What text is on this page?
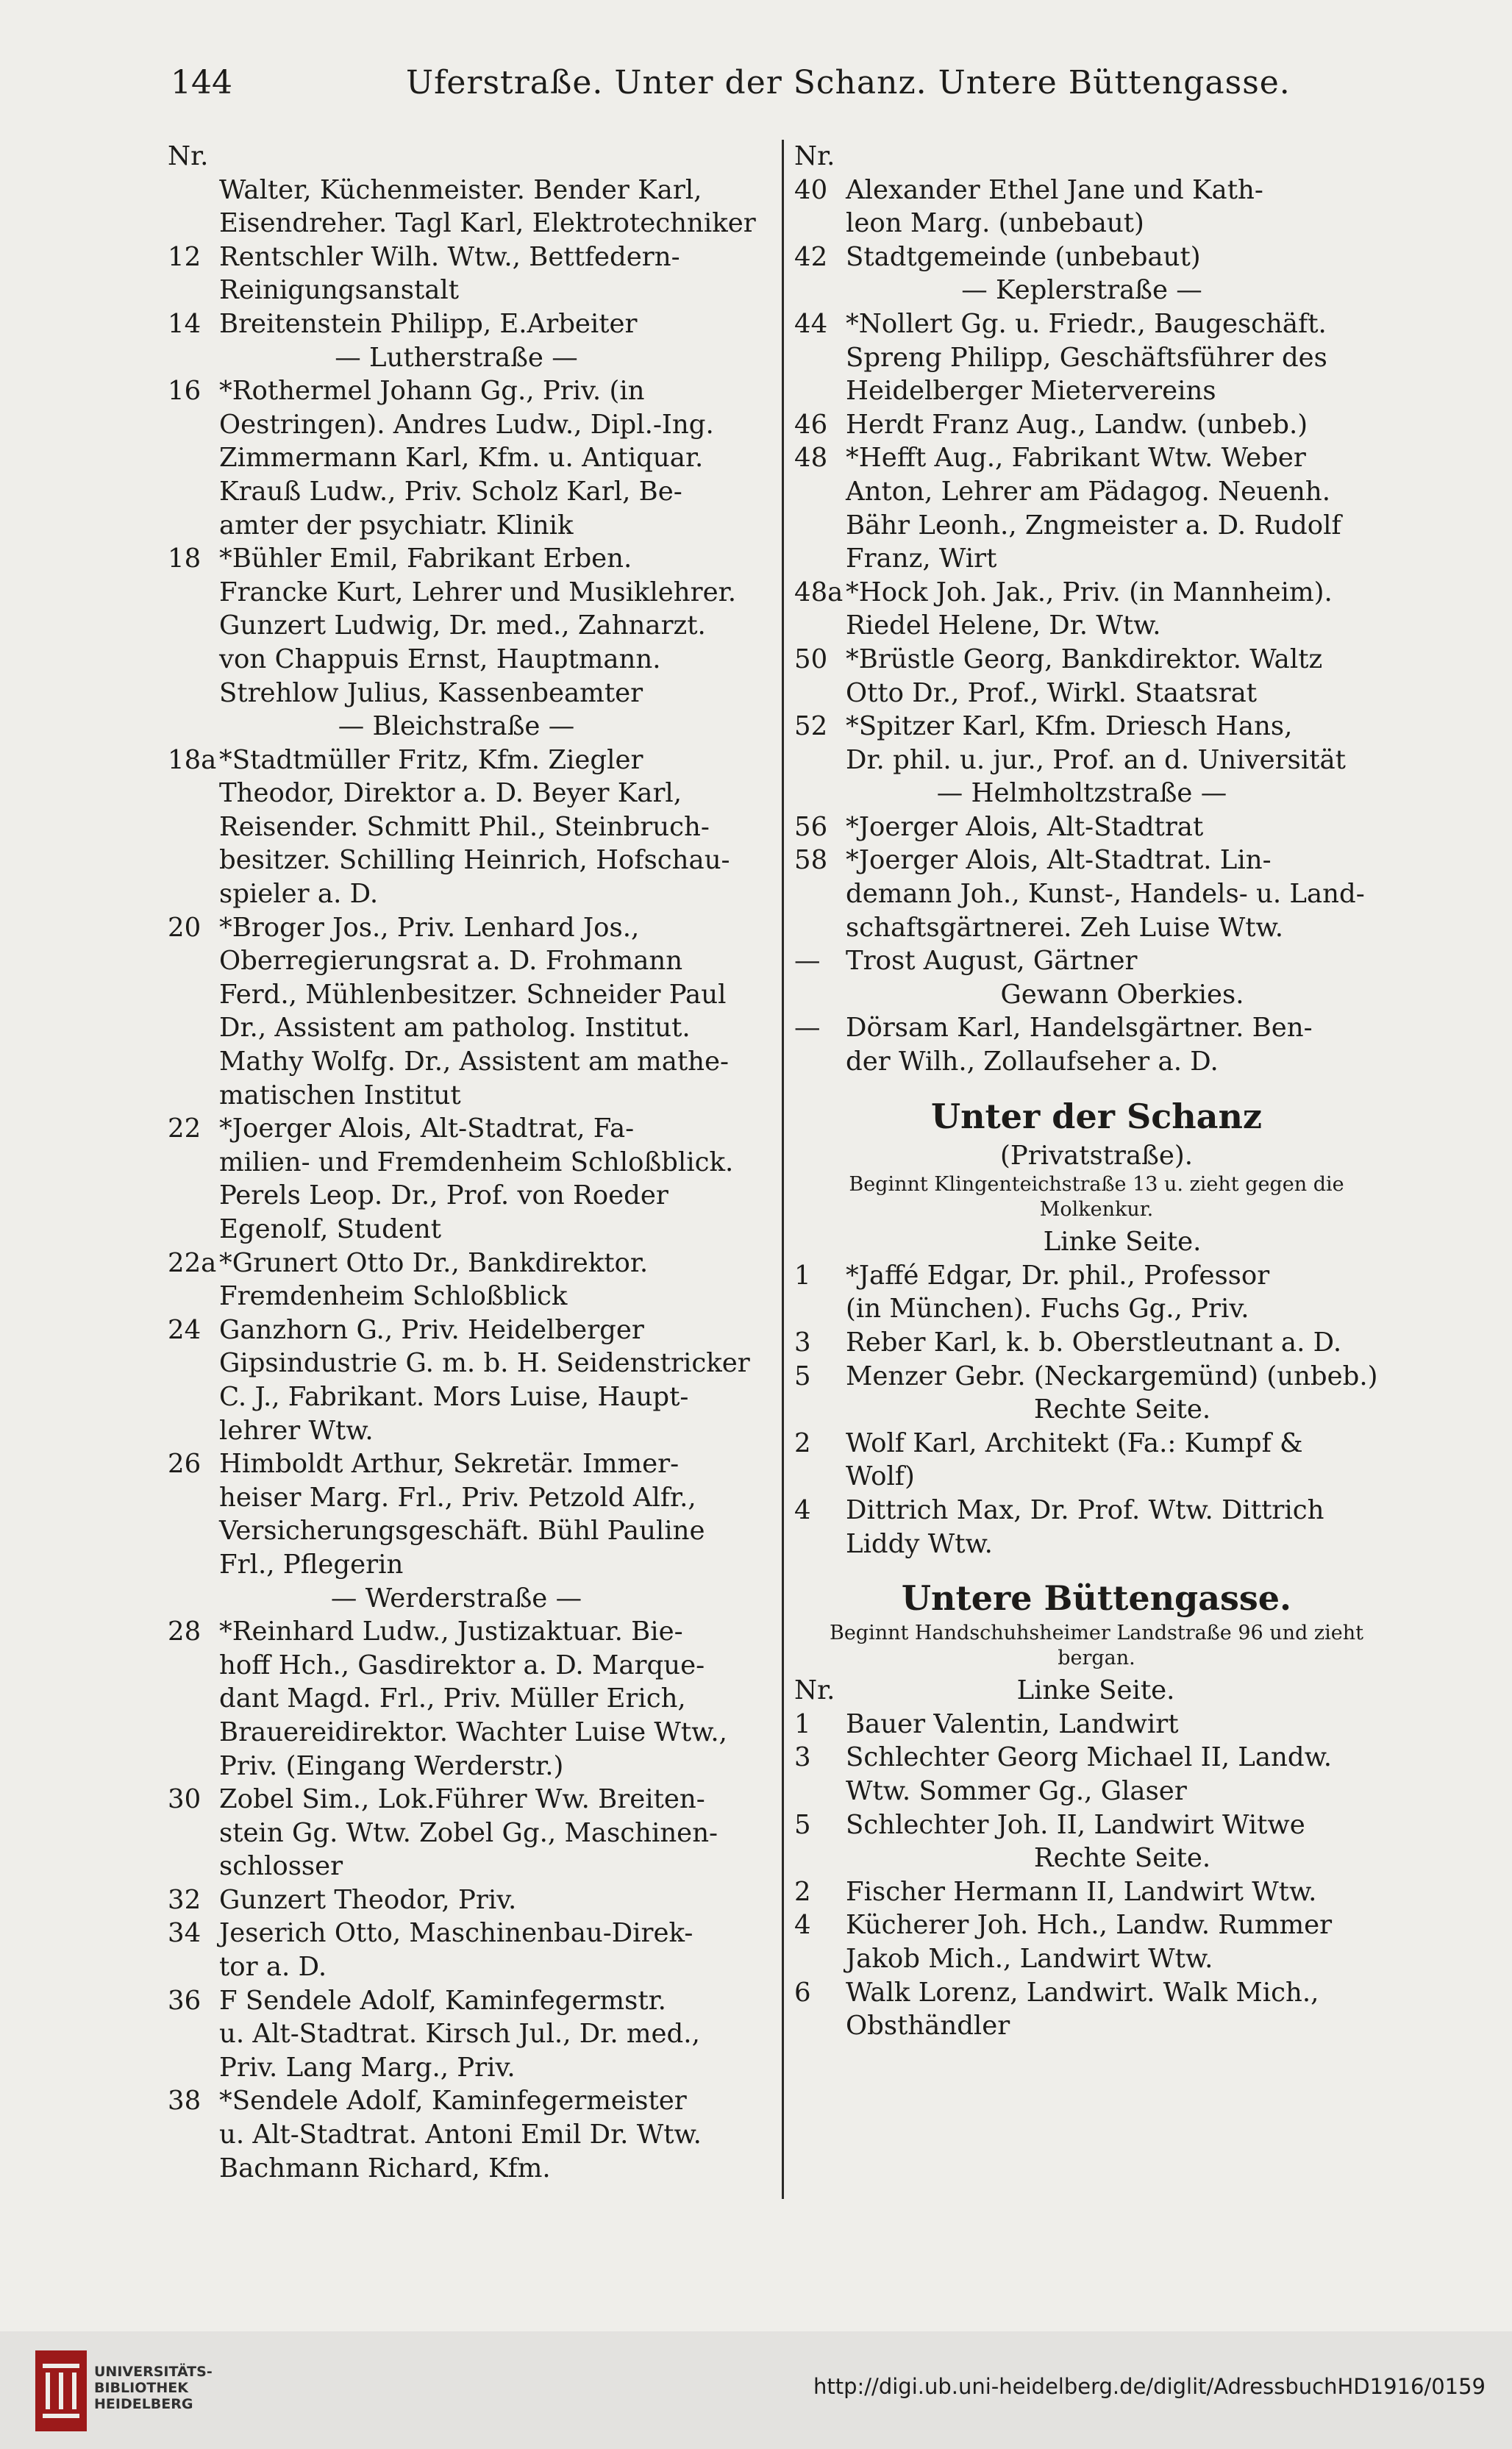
144	Uferstraße. Unter der Schanz. Untere Büttengasse.
Nr.
Walter, Küchenmeister. Bender Karl,
Eisendreher. Tagl Karl, Elektrotechniker
12 Rentschler Wilh. Wtw., Bettfedern-
Reinigungsanstalt
14 Breitenstein Philipp, E.Arbeiter
— Lutherstraße —
16 *Rothermel Johann Gg., Priv. (in
Oestringen). Andres Ludw., Dipl.-Ing.
Zimmermann Karl, Kfm. u. Antiquar.
Krauß Ludw., Priv. Scholz Karl, Be-
amter der psychiatr. Klinik
18 *Bühler Emil, Fabrikant Erben.
Francke Kurt, Lehrer und Musiklehrer.
Gunzert Ludwig, Dr. med., Zahnarzt.
von Chappuis Ernst, Hauptmann.
Strehlow Julius, Kassenbeamter
— Bleichstraße —
18a *Stadtmüller Fritz, Kfm. Ziegler
Theodor, Direktor a. D. Beyer Karl,
Reisender. Schmitt Phil., Steinbruch-
besitzer. Schilling Heinrich, Hofschau-
spieler a. D.
20 *Broger Jos., Priv. Lenhard Jos.,
Oberregierungsrat a. D. Frohmann
Ferd., Mühlenbesitzer. Schneider Paul
Dr., Assistent am patholog. Institut.
Mathy Wolfg. Dr., Assistent am mathe-
matischen Institut
22 *Joerger Alois, Alt-Stadtrat, Fa-
milien- und Fremdenheim Schloßblick.
Perels Leop. Dr., Prof. von Roeder
Egenolf, Student
22a *Grunert Otto Dr., Bankdirektor.
Fremdenheim Schloßblick
24 Ganzhorn G., Priv. Heidelberger
Gipsindustrie G. m. b. H. Seidenstricker
C. J., Fabrikant. Mors Luise, Haupt-
lehrer Wtw.
26 Himboldt Arthur, Sekretär. Immer-
heiser Marg. Frl., Priv. Petzold Alfr.,
Versicherungsgeschäft. Bühl Pauline
Frl., Pflegerin
— Werderstraße —
28 *Reinhard Ludw., Justizaktuar. Bie-
hoff Hch., Gasdirektor a. D. Marque-
dant Magd. Frl., Priv. Müller Erich,
Brauereidirektor. Wachter Luise Wtw.,
Priv. (Eingang Werderstr.)
30 Zobel Sim., Lok.Führer Ww. Breiten-
stein Gg. Wtw. Zobel Gg., Maschinen-
schlosser
32 Gunzert Theodor, Priv.
34 Jeserich Otto, Maschinenbau-Direk-
tor a. D.
36 F Sendele Adolf, Kaminfegermstr.
u. Alt-Stadtrat. Kirsch Jul., Dr. med.,
Priv. Lang Marg., Priv.
38 *Sendele Adolf, Kaminfegermeister
u. Alt-Stadtrat. Antoni Emil Dr. Wtw.
Bachmann Richard, Kfm.
Nr.
40 Alexander Ethel Jane und Kath-
leon Marg. (unbebaut)
42 Stadtgemeinde (unbebaut)
— Keplerstraße —
44 *Nollert Gg. u. Friedr., Baugeschäft.
Spreng Philipp, Geschäftsführer des
Heidelberger Mietervereins
46 Herdt Franz Aug., Landw. (unbeb.)
48 *Hefft Aug., Fabrikant Wtw. Weber
Anton, Lehrer am Pädagog. Neuenh.
Bähr Leonh., Zngmeister a. D. Rudolf
Franz, Wirt
48a *Hock Joh. Jak., Priv. (in Mannheim).
Riedel Helene, Dr. Wtw.
50 *Brüstle Georg, Bankdirektor. Waltz
Otto Dr., Prof., Wirkl. Staatsrat
52 *Spitzer Karl, Kfm. Driesch Hans,
Dr. phil. u. jur., Prof. an d. Universität
— Helmholtzstraße —
56 *Joerger Alois, Alt-Stadtrat
58 *Joerger Alois, Alt-Stadtrat. Lin-
demann Joh., Kunst-, Handels- u. Land-
schaftsgärtnerei. Zeh Luise Wtw.
— Trost August, Gärtner
Gewann Oberkies.
— Dörsam Karl, Handelsgärtner. Ben-
der Wilh., Zollaufseher a. D.
Unter der Schanz
(Privatstraße).
Beginnt Klingenteichstraße 13 u. zieht gegen die Molkenkur.
Linke Seite.
1 *Jaffé Edgar, Dr. phil., Professor
(in München). Fuchs Gg., Priv.
3 Reber Karl, k. b. Oberstleutnant a. D.
5 Menzer Gebr. (Neckargemünd) (unbeb.)
Rechte Seite.
2 Wolf Karl, Architekt (Fa.: Kumpf &
Wolf)
4 Dittrich Max, Dr. Prof. Wtw. Dittrich
Liddy Wtw.
Untere Büttengasse.
Beginnt Handschuhsheimer Landstraße 96 und zieht bergan.
Nr.	Linke Seite.
1 Bauer Valentin, Landwirt
3 Schlechter Georg Michael II, Landw.
Wtw. Sommer Gg., Glaser
5 Schlechter Joh. II, Landwirt Witwe
Rechte Seite.
2 Fischer Hermann II, Landwirt Wtw.
4 Kücherer Joh. Hch., Landw. Rummer
Jakob Mich., Landwirt Wtw.
6 Walk Lorenz, Landwirt. Walk Mich.,
Obsthändler
UNIVERSITÄTS-
BIBLIOTHEK
HEIDELBERG
http://digi.ub.uni-heidelberg.de/diglit/AdressbuchHD1916/0159
